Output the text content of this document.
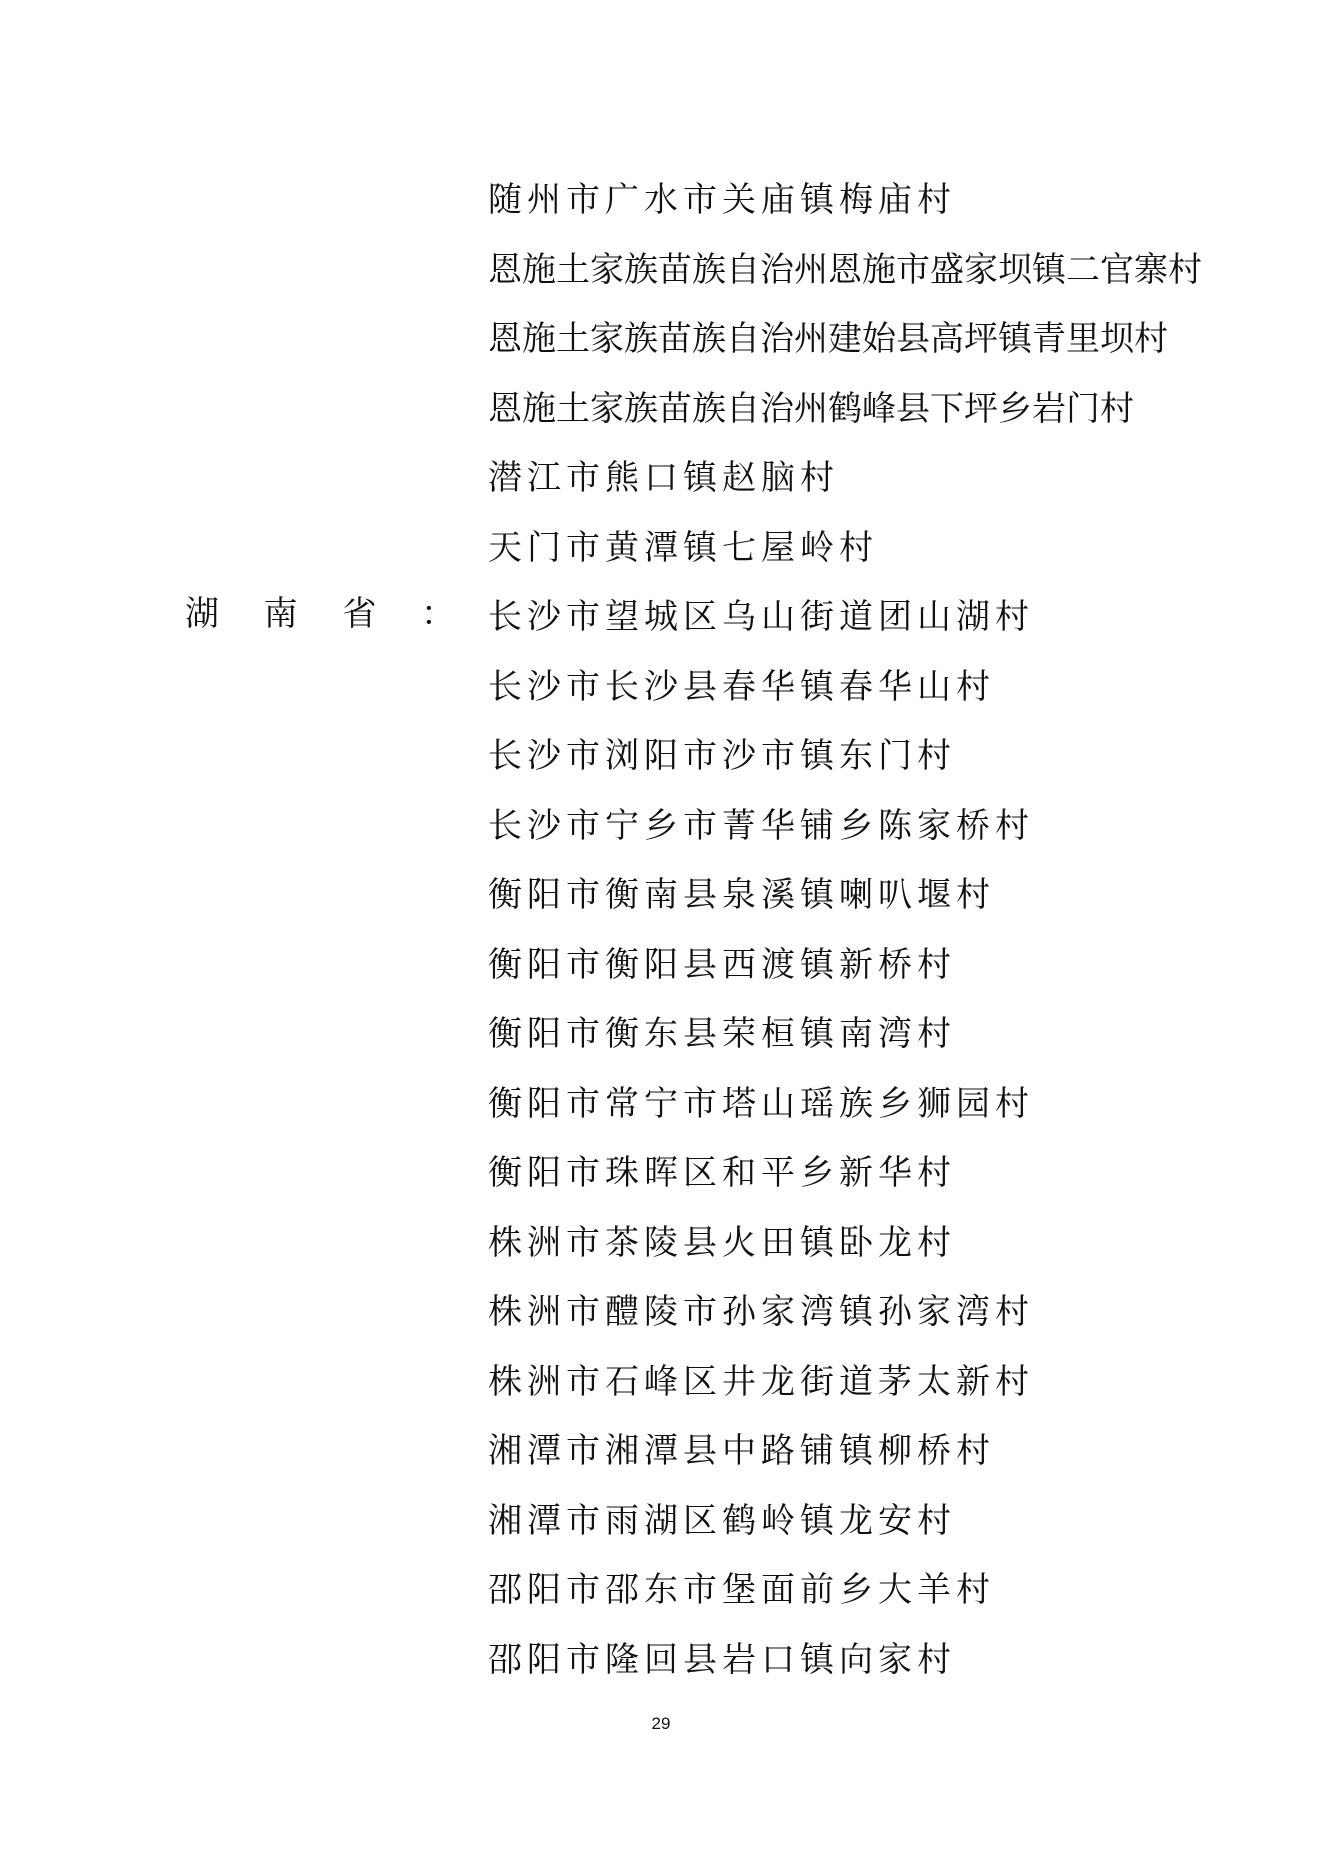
湖 南 省 ：
随州市广水市关庙镇梅庙村
恩施土家族苗族自治州恩施市盛家坝镇二官寨村
恩施土家族苗族自治州建始县高坪镇青里坝村
恩施土家族苗族自治州鹤峰县下坪乡岩门村
潜江市熊口镇赵脑村
天门市黄潭镇七屋岭村
长沙市望城区乌山街道团山湖村
长沙市长沙县春华镇春华山村
长沙市浏阳市沙市镇东门村
长沙市宁乡市菁华铺乡陈家桥村
衡阳市衡南县泉溪镇喇叭堰村
衡阳市衡阳县西渡镇新桥村
衡阳市衡东县荣桓镇南湾村
衡阳市常宁市塔山瑶族乡狮园村
衡阳市珠晖区和平乡新华村
株洲市茶陵县火田镇卧龙村
株洲市醴陵市孙家湾镇孙家湾村
株洲市石峰区井龙街道茅太新村
湘潭市湘潭县中路铺镇柳桥村
湘潭市雨湖区鹤岭镇龙安村
邵阳市邵东市堡面前乡大羊村
邵阳市隆回县岩口镇向家村
29
